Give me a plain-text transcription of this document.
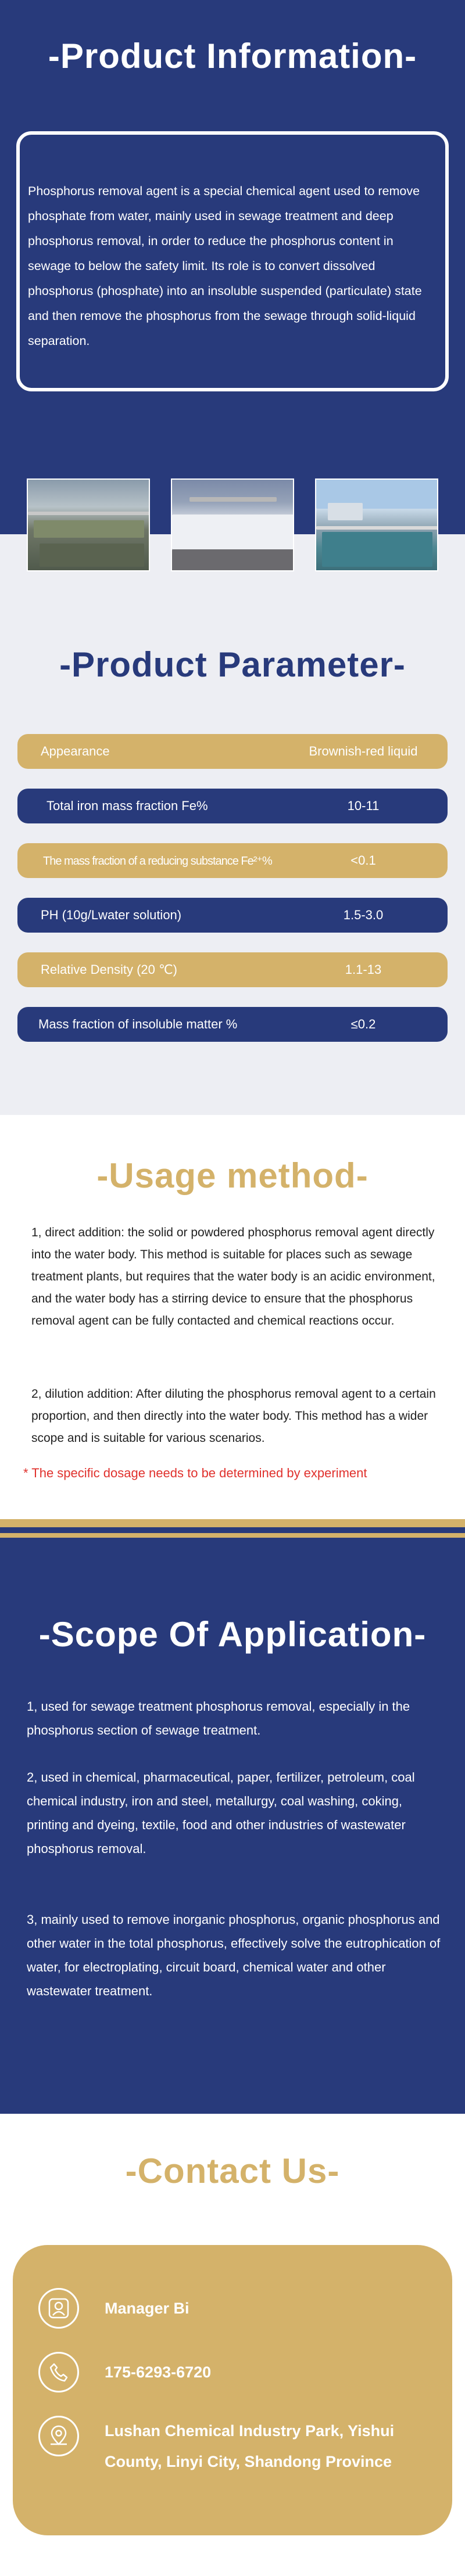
-Product Information-

Phosphorus removal agent is a special chemical agent used to remove phosphate from water, mainly used in sewage treatment and deep phosphorus removal, in order to reduce the phosphorus content in sewage to below the safety limit. Its role is to convert dissolved phosphorus (phosphate) into an insoluble suspended (particulate) state and then remove the phosphorus from the sewage through solid-liquid separation.

-Product Parameter-
Appearance	Brownish-red liquid
Total iron mass fraction Fe%	10-11
The mass fraction of a reducing substance Fe²⁺%	<0.1
PH (10g/Lwater solution)	1.5-3.0
Relative Density (20 ℃)	1.1-13
Mass fraction of insoluble matter %	≤0.2
-Usage method-

1, direct addition: the solid or powdered phosphorus removal agent directly into the water body. This method is suitable for places such as sewage treatment plants, but requires that the water body is an acidic environment, and the water body has a stirring device to ensure that the phosphorus removal agent can be fully contacted and chemical reactions occur.

2, dilution addition: After diluting the phosphorus removal agent to a certain proportion, and then directly into the water body. This method has a wider scope and is suitable for various scenarios.

* The specific dosage needs to be determined by experiment

-Scope Of Application-

1, used for sewage treatment phosphorus removal, especially in the phosphorus section of sewage treatment.

2, used in chemical, pharmaceutical, paper, fertilizer, petroleum, coal chemical industry, iron and steel, metallurgy, coal washing, coking, printing and dyeing, textile, food and other industries of wastewater phosphorus removal.

3, mainly used to remove inorganic phosphorus, organic phosphorus and other water in the total phosphorus, effectively solve the eutrophication of water, for electroplating, circuit board, chemical water and other wastewater treatment.

-Contact Us-
Manager Bi
175-6293-6720
Lushan Chemical Industry Park, Yishui County, Linyi City, Shandong Province
